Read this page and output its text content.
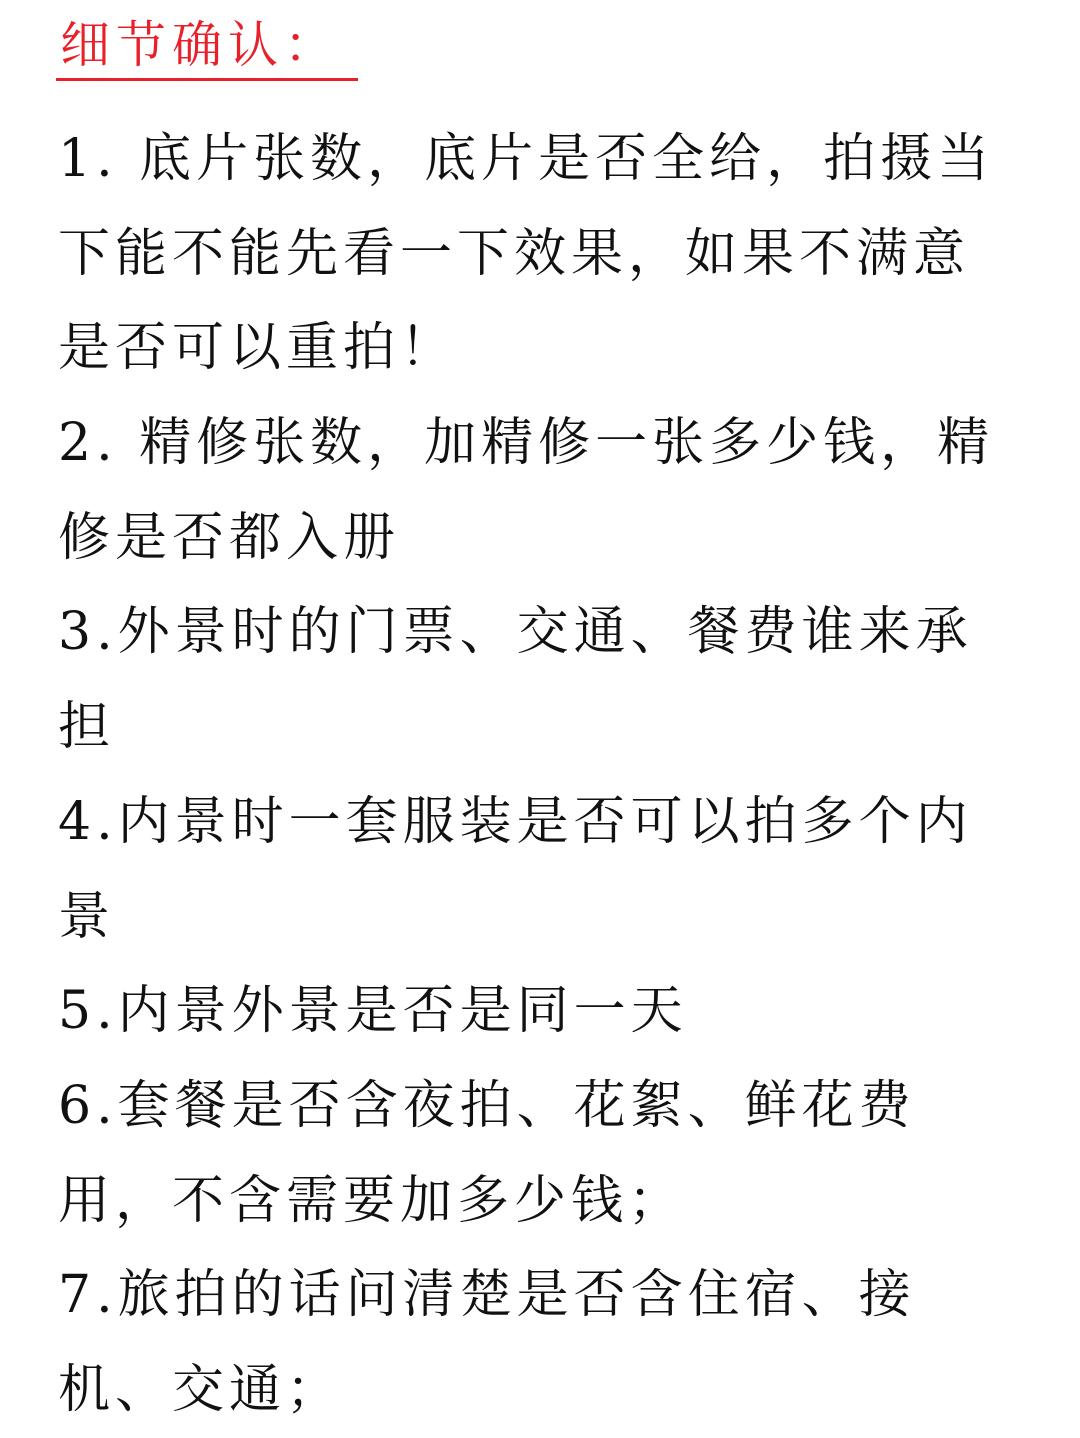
细节确认：
1. 底片张数，底片是否全给，拍摄当
下能不能先看一下效果，如果不满意
是否可以重拍！
2. 精修张数，加精修一张多少钱，精
修是否都入册
3.外景时的门票、交通、餐费谁来承
担
4.内景时一套服装是否可以拍多个内
景
5.内景外景是否是同一天
6.套餐是否含夜拍、花絮、鲜花费
用，不含需要加多少钱；
7.旅拍的话问清楚是否含住宿、接
机、交通；
